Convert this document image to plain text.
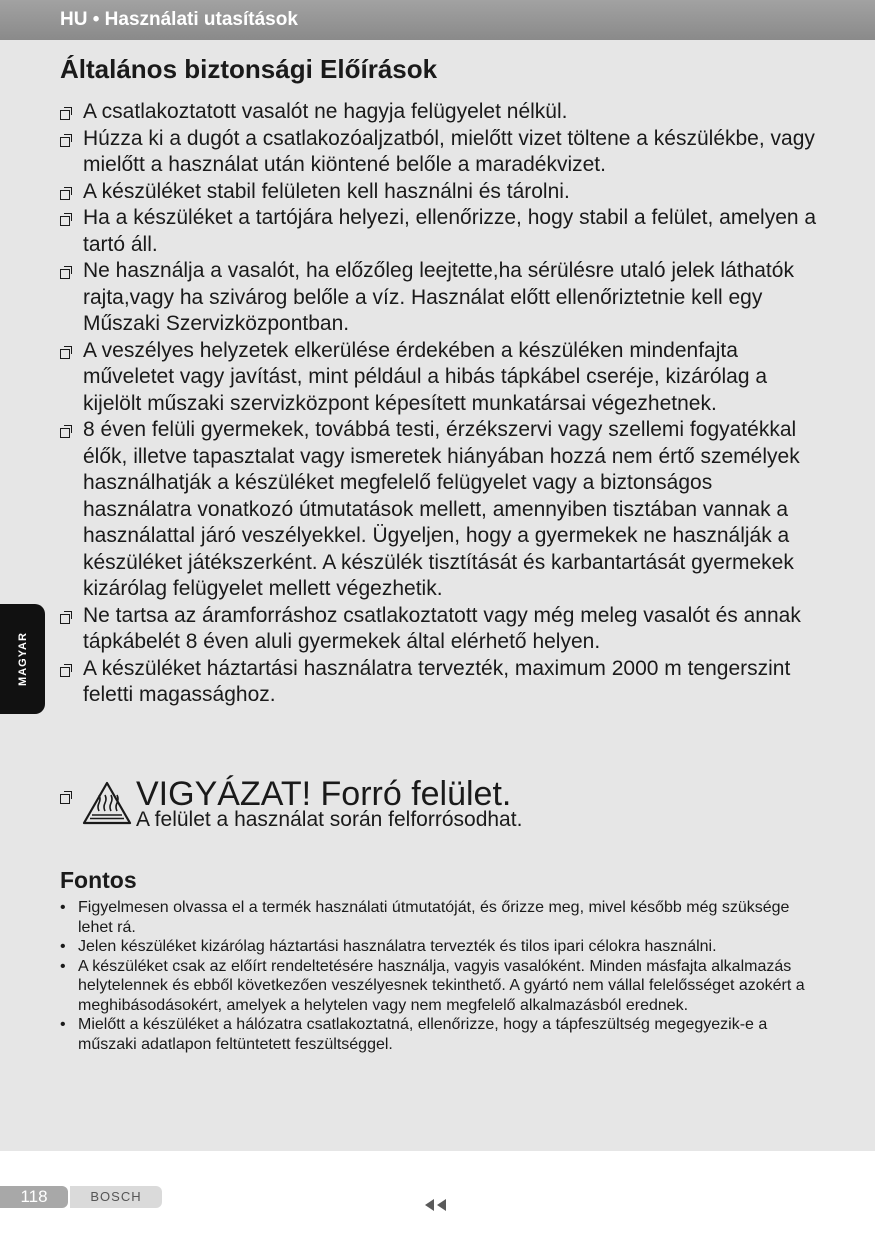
HU • Használati utasítások
MAGYAR
Általános biztonsági Előírások
A csatlakoztatott vasalót ne hagyja felügyelet nélkül.
Húzza ki a dugót a csatlakozóaljzatból, mielőtt vizet töltene a készülékbe, vagy mielőtt a használat után kiöntené belőle a maradékvizet.
A készüléket stabil felületen kell használni és tárolni.
Ha a készüléket a tartójára helyezi, ellenőrizze, hogy stabil a felület, amelyen a tartó áll.
Ne használja a vasalót, ha előzőleg leejtette,ha sérülésre utaló jelek láthatók rajta,vagy ha szivárog belőle a víz. Használat előtt ellenőriztetnie kell egy Műszaki Szervizközpontban.
A veszélyes helyzetek elkerülése érdekében a készüléken mindenfajta műveletet vagy javítást, mint például a hibás tápkábel cseréje, kizárólag a kijelölt műszaki szervizközpont képesített munkatársai végezhetnek.
8 éven felüli gyermekek, továbbá testi, érzékszervi vagy szellemi fogyatékkal élők, illetve tapasztalat vagy ismeretek hiányában hozzá nem értő személyek használhatják a készüléket megfelelő felügyelet vagy a biztonságos használatra vonatkozó útmutatások mellett, amennyiben tisztában vannak a használattal járó veszélyekkel. Ügyeljen, hogy a gyermekek ne használják a készüléket játékszerként. A készülék tisztítását és karbantartását gyermekek kizárólag felügyelet mellett végezhetik.
Ne tartsa az áramforráshoz csatlakoztatott vagy még meleg vasalót és annak tápkábelét 8 éven aluli gyermekek által elérhető helyen.
A készüléket háztartási használatra tervezték, maximum 2000 m tengerszint feletti magassághoz.
VIGYÁZAT! Forró felület.
A felület a használat során felforrósodhat.
Fontos
• Figyelmesen olvassa el a termék használati útmutatóját, és őrizze meg, mivel később még szüksége lehet rá.
• Jelen készüléket kizárólag háztartási használatra tervezték és tilos ipari célokra használni.
• A készüléket csak az előírt rendeltetésére használja, vagyis vasalóként. Minden másfajta alkalmazás helytelennek és ebből következően veszélyesnek tekinthető. A gyártó nem vállal felelősséget azokért a meghibásodásokért, amelyek a helytelen vagy nem megfelelő alkalmazásból erednek.
• Mielőtt a készüléket a hálózatra csatlakoztatná, ellenőrizze, hogy a tápfeszültség megegyezik-e a műszaki adatlapon feltüntetett feszültséggel.
118	BOSCH
